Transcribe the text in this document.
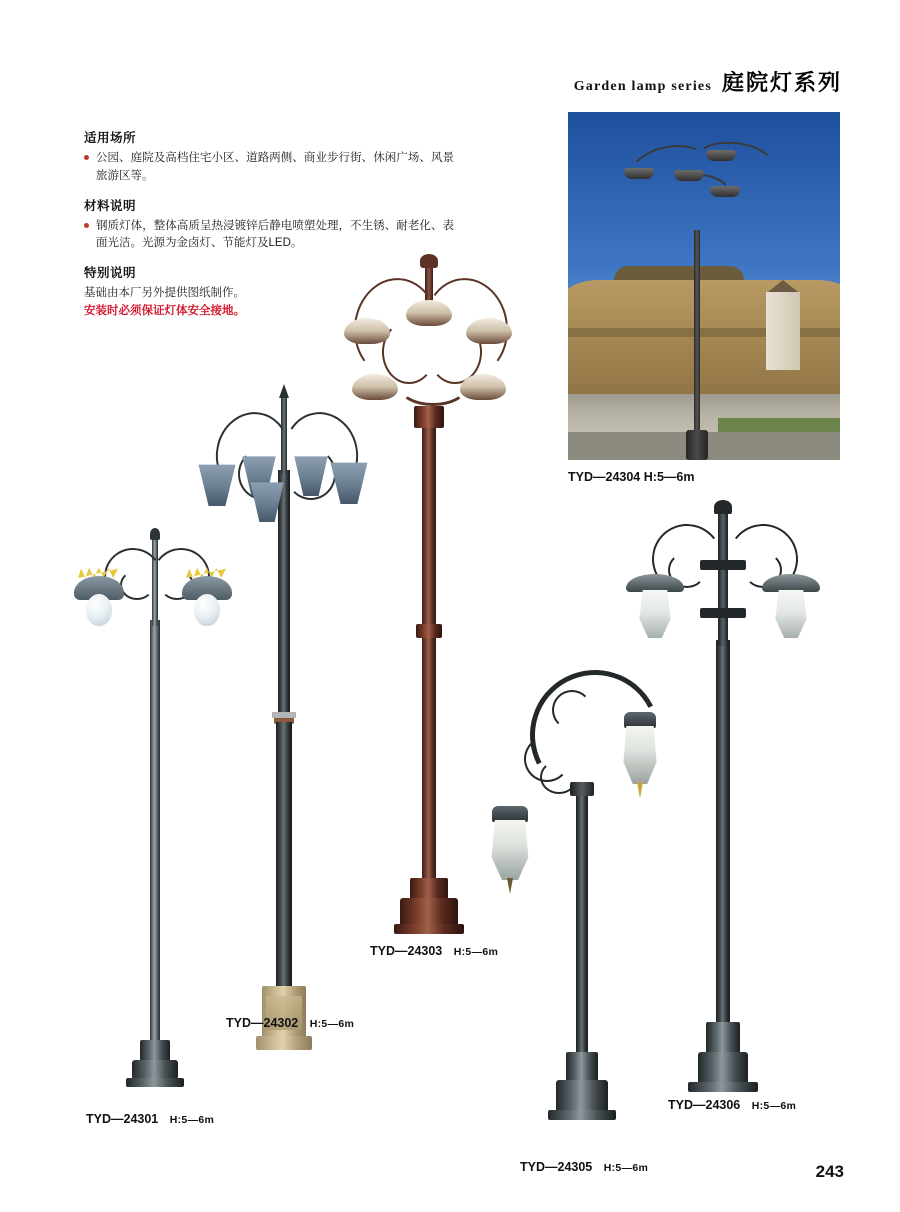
Garden lamp series 庭院灯系列

适用场所

公园、庭院及高档住宅小区、道路两侧、商业步行街、休闲广场、风景旅游区等。

材料说明

钢质灯体，整体高质呈热浸镀锌后静电喷塑处理，不生锈、耐老化、表面光洁。光源为金卤灯、节能灯及LED。

特别说明

基础由本厂另外提供图纸制作。

安装时必须保证灯体安全接地。

TYD—24304 H:5—6m
TYD—24301 H:5—6m
TYD—24302 H:5—6m
TYD—24303 H:5—6m
TYD—24305 H:5—6m
TYD—24306 H:5—6m
243
